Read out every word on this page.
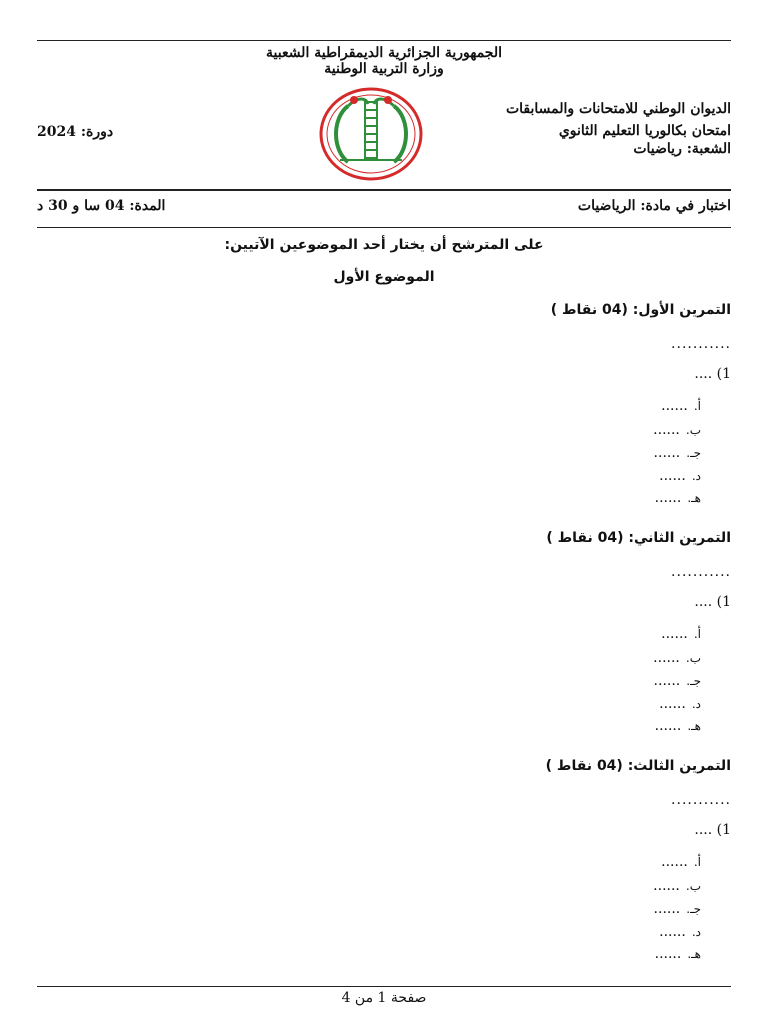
الجمهورية الجزائرية الديمقراطية الشعبية
وزارة التربية الوطنية
الديوان الوطني للامتحانات والمسابقات
امتحان بكالوريا التعليم الثانوي
الشعبة: رياضيات
دورة: 2024
اختبار في مادة: الرياضيات
المدة: 04 سا و 30 د
على المترشح أن يختار أحد الموضوعين الآتيين:
الموضوع الأول
التمرين الأول: (04 نقاط )
...........
.... (1
أ.
......
ب.
......
جـ.
......
د.
......
هـ.
......
التمرين الثاني: (04 نقاط )
...........
.... (1
أ.
......
ب.
......
جـ.
......
د.
......
هـ.
......
التمرين الثالث: (04 نقاط )
...........
.... (1
أ.
......
ب.
......
جـ.
......
د.
......
هـ.
......
صفحة 1 من 4
